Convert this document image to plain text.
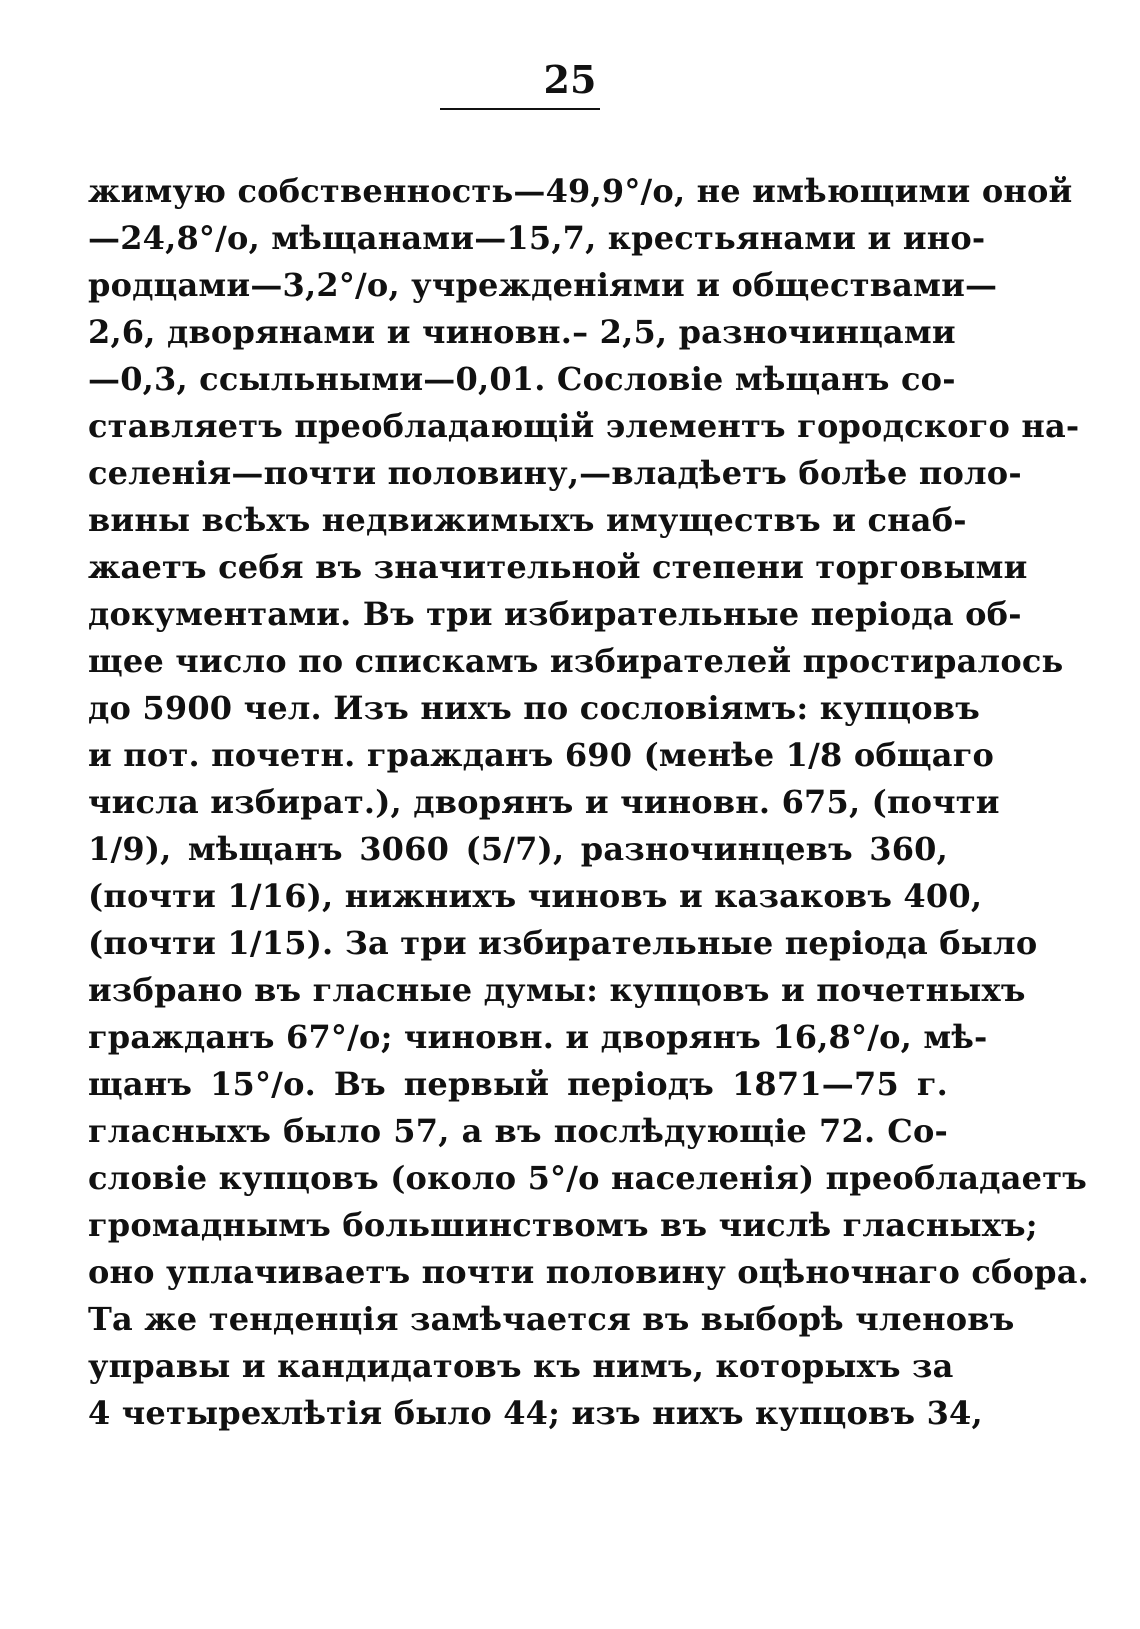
25
жимую собственность—49,9°/о, не имѣющими оной
—24,8°/о, мѣщанами—15,7, крестьянами и ино-
родцами—3,2°/о, учрежденіями и обществами—
2,6, дворянами и чиновн.– 2,5, разночинцами
—0,3, ссыльными—0,01. Сословіе мѣщанъ со-
ставляетъ преобладающій элементъ городского на-
селенія—почти половину,—владѣетъ болѣе поло-
вины всѣхъ недвижимыхъ имуществъ и снаб-
жаетъ себя въ значительной степени торговыми
документами. Въ три избирательные періода об-
щее число по спискамъ избирателей простиралось
до 5900 чел. Изъ нихъ по сословіямъ: купцовъ
и пот. почетн. гражданъ 690 (менѣе 1/8 общаго
числа избират.), дворянъ и чиновн. 675, (почти
1/9), мѣщанъ 3060 (5/7), разночинцевъ 360,
(почти 1/16), нижнихъ чиновъ и казаковъ 400,
(почти 1/15). За три избирательные періода было
избрано въ гласные думы: купцовъ и почетныхъ
гражданъ 67°/о; чиновн. и дворянъ 16,8°/о, мѣ-
щанъ 15°/о. Въ первый періодъ 1871—75 г.
гласныхъ было 57, а въ послѣдующіе 72. Со-
словіе купцовъ (около 5°/о населенія) преобладаетъ
громаднымъ большинствомъ въ числѣ гласныхъ;
оно уплачиваетъ почти половину оцѣночнаго сбора.
Та же тенденція замѣчается въ выборѣ членовъ
управы и кандидатовъ къ нимъ, которыхъ за
4 четырехлѣтія было 44; изъ нихъ купцовъ 34,
